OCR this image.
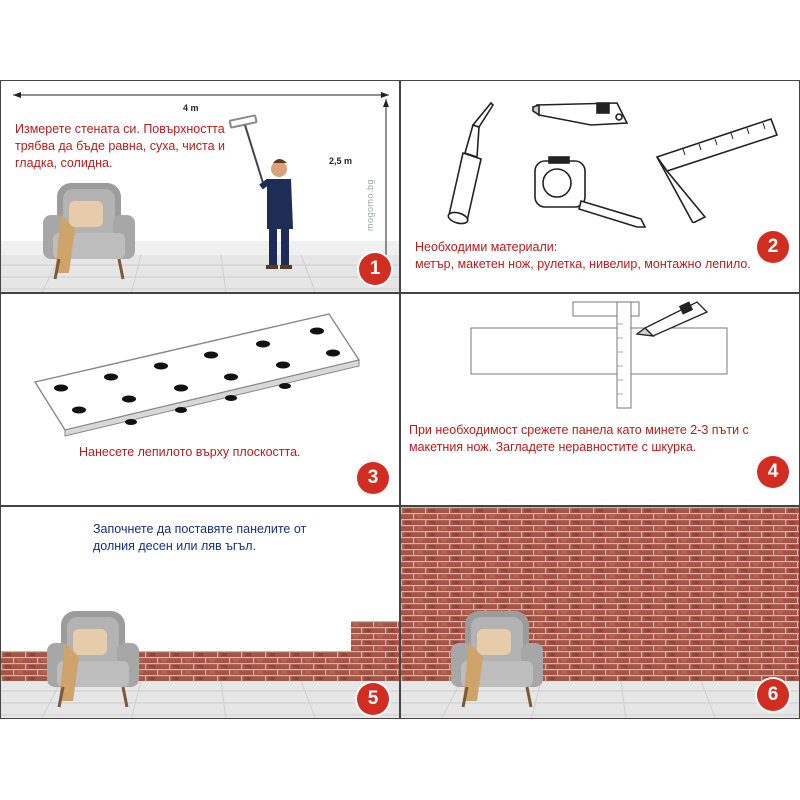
4 m
2,5 m
Измерете стената си. Повърхността трябва да бъде равна, суха, чиста и гладка, солидна.
mogomo.bg
1
Необходими материали:
метър, макетен нож, рулетка, нивелир, монтажно лепило.
2
Нанесете лепилото върху плоскостта.
3
При необходимост срежете панела като минете 2-3 пъти с макетния нож. Загладете неравностите с шкурка.
4
Започнете да поставяте панелите от долния десен или ляв ъгъл.
5	6
